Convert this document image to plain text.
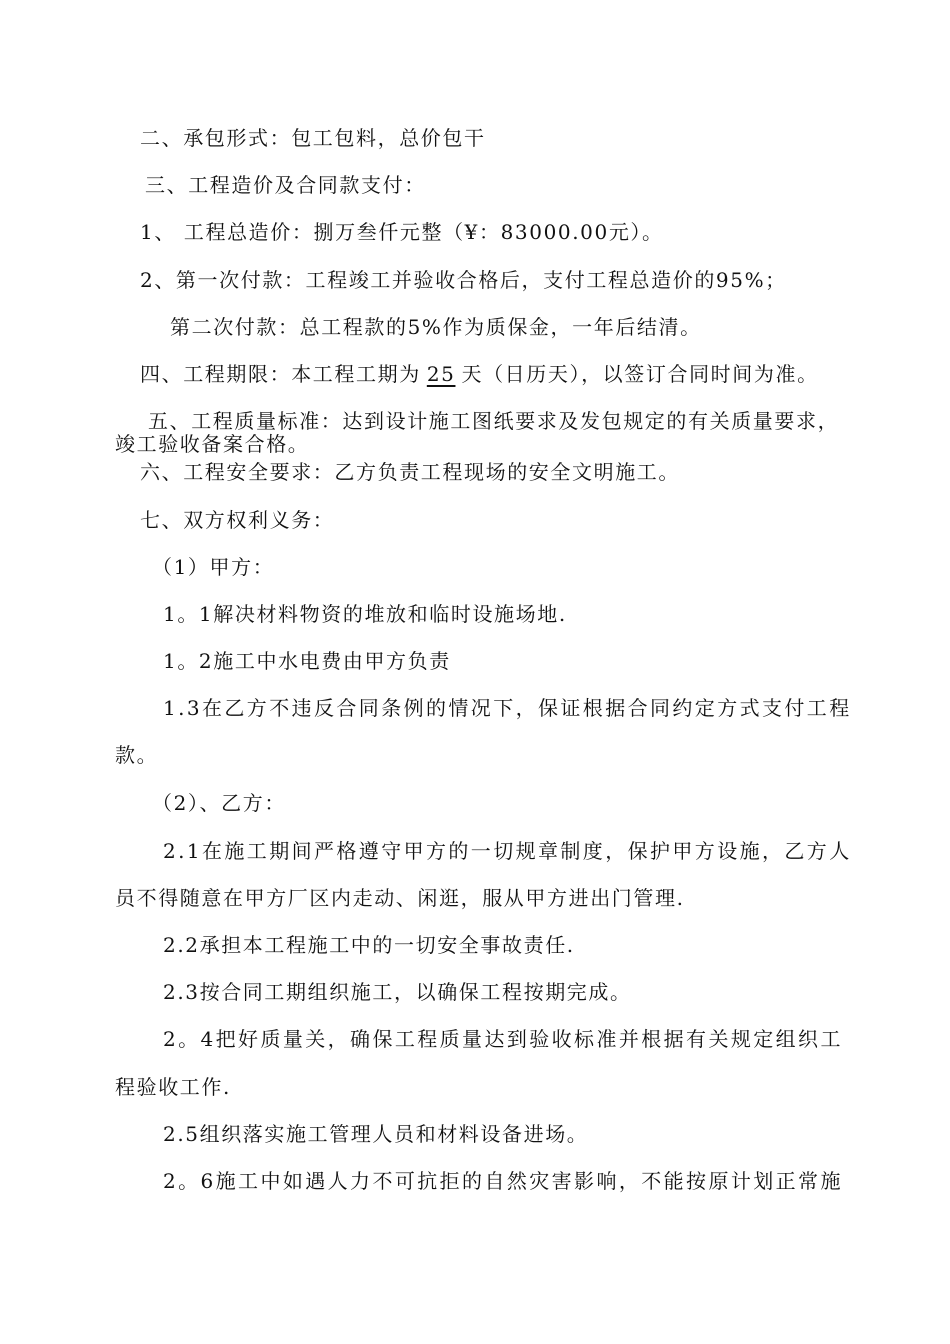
二、承包形式：包工包料，总价包干
三、工程造价及合同款支付：
1、 工程总造价：捌万叁仟元整（¥：83000.00元）。
2、第一次付款：工程竣工并验收合格后，支付工程总造价的95%；
第二次付款：总工程款的5%作为质保金，一年后结清。
四、工程期限：本工程工期为 25 天（日历天），以签订合同时间为准。
五、工程质量标准：达到设计施工图纸要求及发包规定的有关质量要求，
竣工验收备案合格。
六、工程安全要求：乙方负责工程现场的安全文明施工。
七、双方权利义务：
（1）甲方：
1。1解决材料物资的堆放和临时设施场地.
1。2施工中水电费由甲方负责
1.3在乙方不违反合同条例的情况下，保证根据合同约定方式支付工程
款。
（2）、乙方：
2.1在施工期间严格遵守甲方的一切规章制度，保护甲方设施，乙方人
员不得随意在甲方厂区内走动、闲逛，服从甲方进出门管理.
2.2承担本工程施工中的一切安全事故责任.
2.3按合同工期组织施工，以确保工程按期完成。
2。4把好质量关，确保工程质量达到验收标准并根据有关规定组织工
程验收工作.
2.5组织落实施工管理人员和材料设备进场。
2。6施工中如遇人力不可抗拒的自然灾害影响，不能按原计划正常施
